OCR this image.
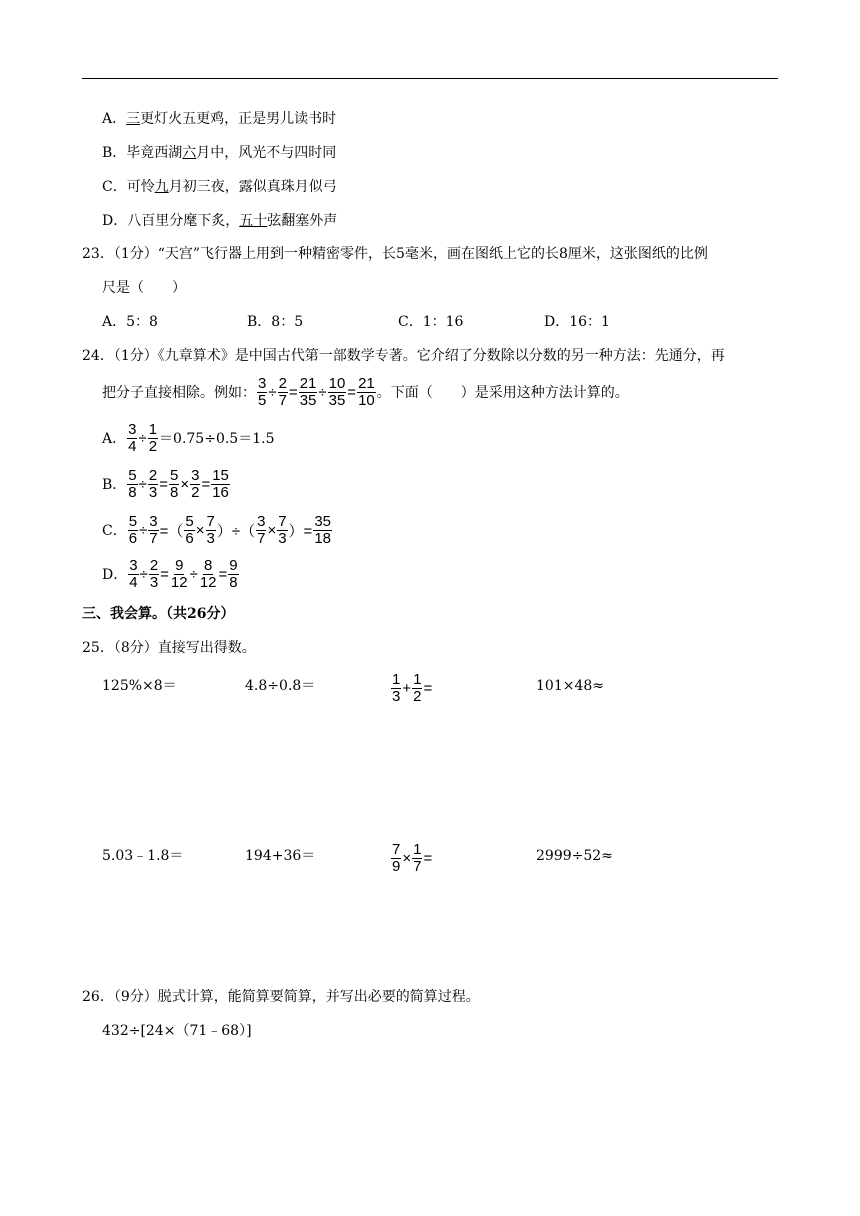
A．三更灯火五更鸡，正是男儿读书时
B．毕竟西湖六月中，风光不与四时同
C．可怜九月初三夜，露似真珠月似弓
D．八百里分麾下炙，五十弦翻塞外声
23．（1分）“天宫”飞行器上用到一种精密零件，长5毫米，画在图纸上它的长8厘米，这张图纸的比例
尺是（　　）
A．5：8	B．8：5	C．1：16	D．16：1
24．（1分）《九章算术》是中国古代第一部数学专著。它介绍了分数除以分数的另一种方法：先通分，再
把分子直接相除。例如： $\frac{3}{5} \div \frac{2}{7} = \frac{21}{35} \div \frac{10}{35} = \frac{21}{10}$ 。下面（　　）是采用这种方法计算的。
A． $\frac{3}{4} \div \frac{1}{2} =0.75\div 0.5=1.5$
B． $\frac{5}{8} \div \frac{2}{3} = \frac{5}{8} \times \frac{3}{2} = \frac{15}{16}$
C． $\frac{5}{6} \div \frac{3}{7}$ =（ $\frac{5}{6} \times \frac{7}{3}$ ）÷（ $\frac{3}{7} \times \frac{7}{3}$ ）= $\frac{35}{18}$
D． $\frac{3}{4} \div \frac{2}{3} = \frac{9}{12} \div \frac{8}{12} = \frac{9}{8}$
三、我会算。（共26分）
25．（8分）直接写出得数。
125%×8＝	4.8÷0.8＝	$\frac{1}{3} + \frac{1}{2}$ =	101×48≈
5.03﹣1.8＝	194+36＝	$\frac{7}{9} \times \frac{1}{7}$ =	2999÷52≈
26．（9分）脱式计算，能简算要简算，并写出必要的简算过程。
432÷[24×（71﹣68）]
